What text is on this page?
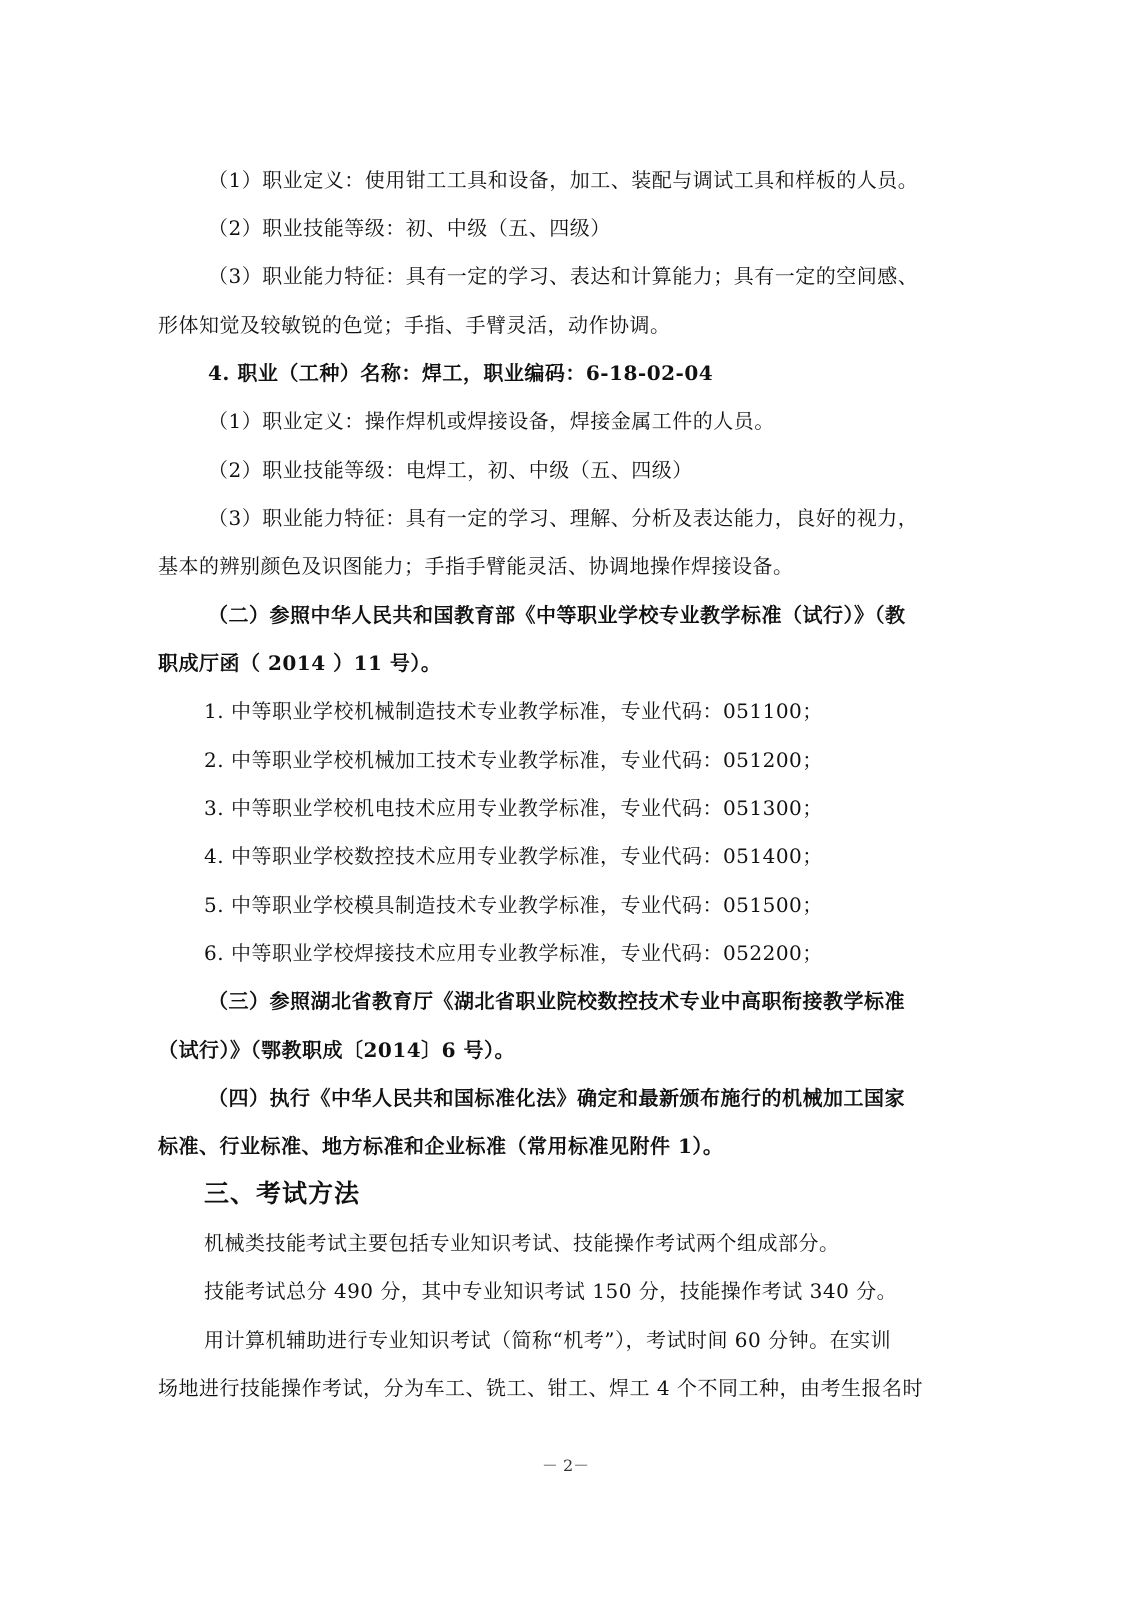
（1）职业定义：使用钳工工具和设备，加工、装配与调试工具和样板的人员。
（2）职业技能等级：初、中级（五、四级）
（3）职业能力特征：具有一定的学习、表达和计算能力；具有一定的空间感、
形体知觉及较敏锐的色觉；手指、手臂灵活，动作协调。
4. 职业（工种）名称：焊工，职业编码：6-18-02-04
（1）职业定义：操作焊机或焊接设备，焊接金属工件的人员。
（2）职业技能等级：电焊工，初、中级（五、四级）
（3）职业能力特征：具有一定的学习、理解、分析及表达能力，良好的视力，
基本的辨别颜色及识图能力；手指手臂能灵活、协调地操作焊接设备。
（二）参照中华人民共和国教育部《中等职业学校专业教学标准（试行）》（教
职成厅函（ 2014 ）11 号）。
1. 中等职业学校机械制造技术专业教学标准，专业代码：051100；
2. 中等职业学校机械加工技术专业教学标准，专业代码：051200；
3. 中等职业学校机电技术应用专业教学标准，专业代码：051300；
4. 中等职业学校数控技术应用专业教学标准，专业代码：051400；
5. 中等职业学校模具制造技术专业教学标准，专业代码：051500；
6. 中等职业学校焊接技术应用专业教学标准，专业代码：052200；
（三）参照湖北省教育厅《湖北省职业院校数控技术专业中高职衔接教学标准
（试行）》（鄂教职成〔2014〕6 号）。
（四）执行《中华人民共和国标准化法》确定和最新颁布施行的机械加工国家
标准、行业标准、地方标准和企业标准（常用标准见附件 1）。
三、考试方法
机械类技能考试主要包括专业知识考试、技能操作考试两个组成部分。
技能考试总分 490 分，其中专业知识考试 150 分，技能操作考试 340 分。
用计算机辅助进行专业知识考试（简称“机考”），考试时间 60 分钟。在实训
场地进行技能操作考试，分为车工、铣工、钳工、焊工 4 个不同工种，由考生报名时
－ 2－
